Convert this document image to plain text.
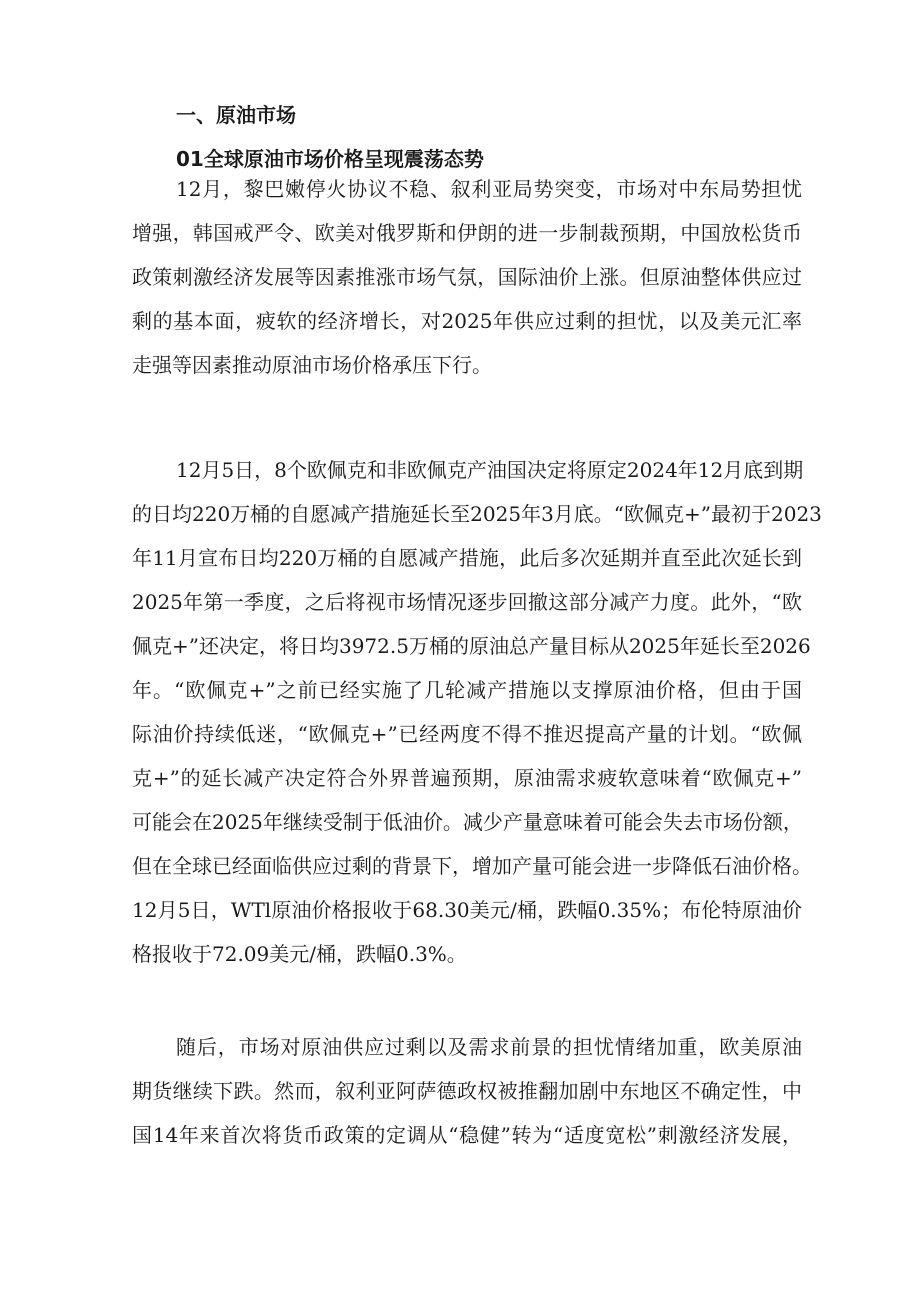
一、原油市场
01全球原油市场价格呈现震荡态势
12月，黎巴嫩停火协议不稳、叙利亚局势突变，市场对中东局势担忧
增强，韩国戒严令、欧美对俄罗斯和伊朗的进一步制裁预期，中国放松货币
政策刺激经济发展等因素推涨市场气氛，国际油价上涨。但原油整体供应过
剩的基本面，疲软的经济增长，对2025年供应过剩的担忧，以及美元汇率
走强等因素推动原油市场价格承压下行。
12月5日，8个欧佩克和非欧佩克产油国决定将原定2024年12月底到期
的日均220万桶的自愿减产措施延长至2025年3月底。“欧佩克+”最初于2023
年11月宣布日均220万桶的自愿减产措施，此后多次延期并直至此次延长到
2025年第一季度，之后将视市场情况逐步回撤这部分减产力度。此外，“欧
佩克+”还决定，将日均3972.5万桶的原油总产量目标从2025年延长至2026
年。“欧佩克+”之前已经实施了几轮减产措施以支撑原油价格，但由于国
际油价持续低迷，“欧佩克+”已经两度不得不推迟提高产量的计划。“欧佩
克+”的延长减产决定符合外界普遍预期，原油需求疲软意味着“欧佩克+”
可能会在2025年继续受制于低油价。减少产量意味着可能会失去市场份额，
但在全球已经面临供应过剩的背景下，增加产量可能会进一步降低石油价格。
12月5日，WTl原油价格报收于68.30美元/桶，跌幅0.35%；布伦特原油价
格报收于72.09美元/桶，跌幅0.3%。
随后，市场对原油供应过剩以及需求前景的担忧情绪加重，欧美原油
期货继续下跌。然而，叙利亚阿萨德政权被推翻加剧中东地区不确定性，中
国14年来首次将货币政策的定调从“稳健”转为“适度宽松”刺激经济发展，
